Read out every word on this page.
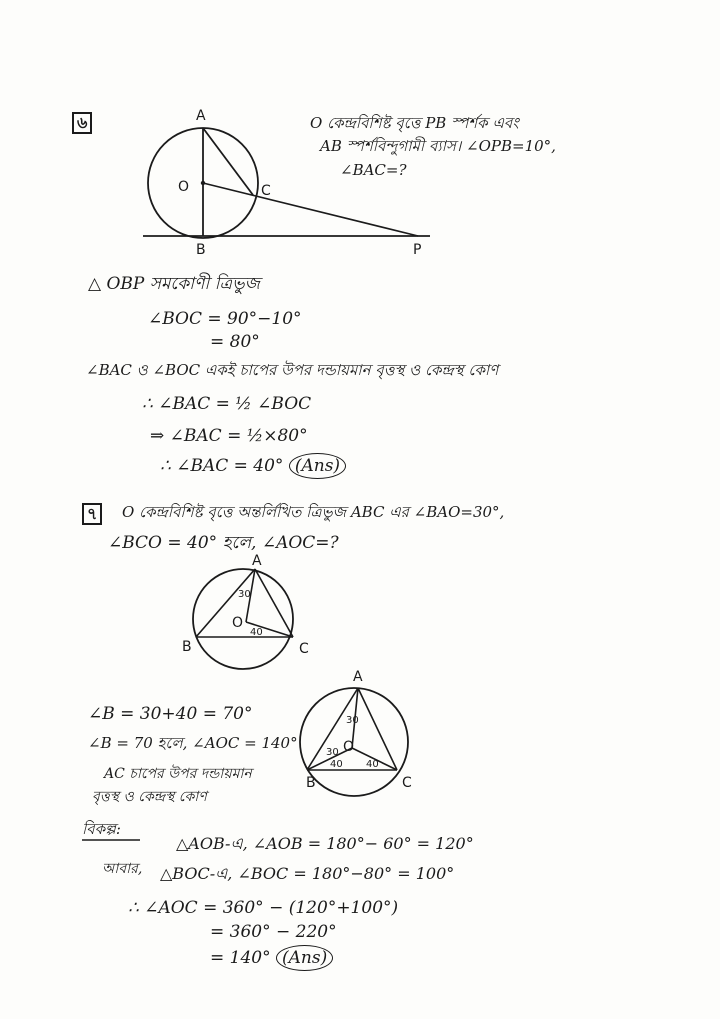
৬	A
O	C
B	P
O কেন্দ্রবিশিষ্ট বৃত্তে PB স্পর্শক এবং
AB স্পর্শবিন্দুগামী ব্যাস। ∠OPB=10°,
∠BAC=?
△ OBP সমকোণী ত্রিভুজ
∠BOC = 90°−10°
= 80°
∠BAC ও ∠BOC একই চাপের উপর দন্ডায়মান বৃত্তস্থ ও কেন্দ্রস্থ কোণ
∴ ∠BAC = ½ ∠BOC
⇒ ∠BAC = ½×80°
∴ ∠BAC = 40° (Ans)
৭	O কেন্দ্রবিশিষ্ট বৃত্তে অন্তর্লিখিত ত্রিভুজ ABC এর ∠BAO=30°,
∠BCO = 40° হলে, ∠AOC=?
A
O
B	C
30
40
A
O
B	C
30
30
40 40
∠B = 30+40 = 70°
∠B = 70 হলে, ∠AOC = 140°
AC চাপের উপর দন্ডায়মান
বৃত্তস্থ ও কেন্দ্রস্থ কোণ
বিকল্প:
△AOB-এ, ∠AOB = 180°− 60° = 120°
আবার, △BOC-এ, ∠BOC = 180°−80° = 100°
∴ ∠AOC = 360° − (120°+100°)
= 360° − 220°
= 140° (Ans)
